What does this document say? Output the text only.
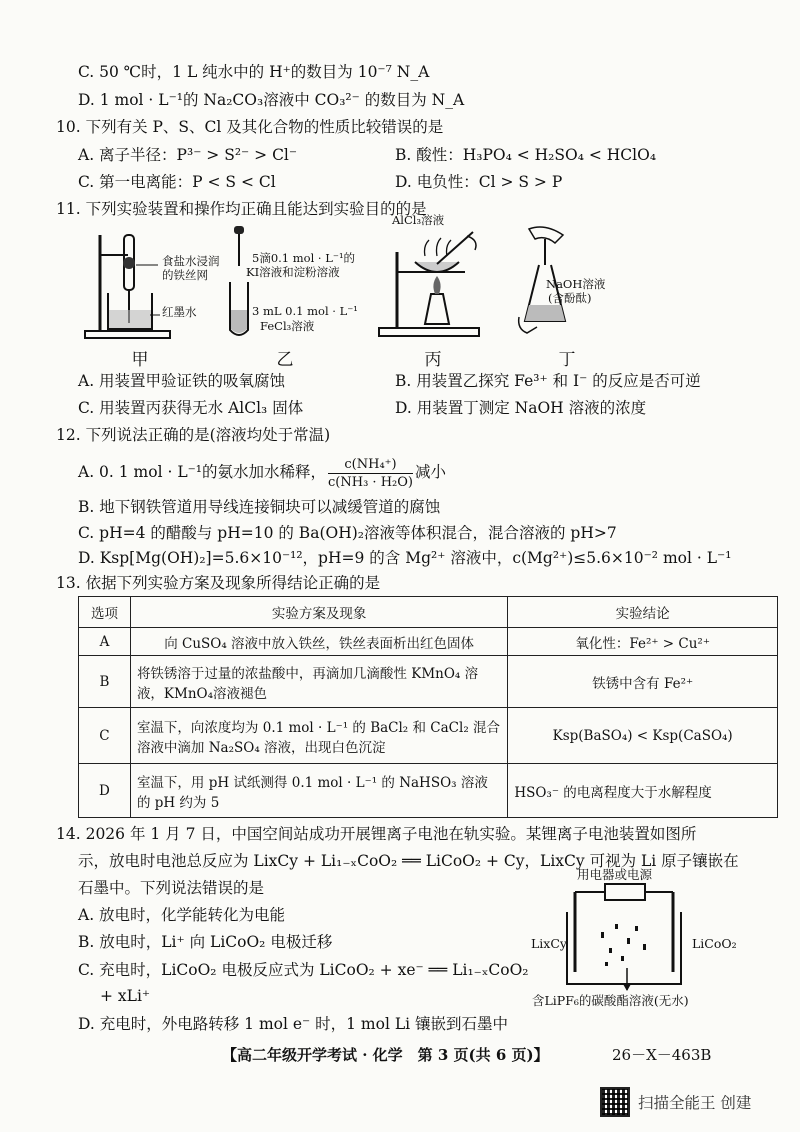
C. 50 ℃时，1 L 纯水中的 H⁺的数目为 10⁻⁷ N_A
D. 1 mol · L⁻¹的 Na₂CO₃溶液中 CO₃²⁻ 的数目为 N_A
10. 下列有关 P、S、Cl 及其化合物的性质比较错误的是
A. 离子半径：P³⁻ > S²⁻ > Cl⁻	B. 酸性：H₃PO₄ < H₂SO₄ < HClO₄
C. 第一电离能：P < S < Cl	D. 电负性：Cl > S > P
11. 下列实验装置和操作均正确且能达到实验目的的是
食盐水浸润
的铁丝网
红墨水
甲
5滴0.1 mol · L⁻¹的
KI溶液和淀粉溶液
3 mL 0.1 mol · L⁻¹
FeCl₃溶液
乙
AlCl₃溶液
丙
NaOH溶液
(含酚酞)
丁
A. 用装置甲验证铁的吸氧腐蚀	B. 用装置乙探究 Fe³⁺ 和 I⁻ 的反应是否可逆
C. 用装置丙获得无水 AlCl₃ 固体	D. 用装置丁测定 NaOH 溶液的浓度
12. 下列说法正确的是(溶液均处于常温)
A. 0. 1 mol · L⁻¹的氨水加水稀释， $\frac{\text{c(NH₄⁺)}}{\text{c(NH₃ · H₂O)}}$ 减小
B. 地下钢铁管道用导线连接铜块可以减缓管道的腐蚀
C. pH=4 的醋酸与 pH=10 的 Ba(OH)₂溶液等体积混合，混合溶液的 pH>7
D. Ksp[Mg(OH)₂]=5.6×10⁻¹²，pH=9 的含 Mg²⁺ 溶液中，c(Mg²⁺)≤5.6×10⁻² mol · L⁻¹
13. 依据下列实验方案及现象所得结论正确的是
选项	实验方案及现象	实验结论
A	向 CuSO₄ 溶液中放入铁丝，铁丝表面析出红色固体	氧化性：Fe²⁺ > Cu²⁺
B	将铁锈溶于过量的浓盐酸中，再滴加几滴酸性 KMnO₄ 溶液，KMnO₄溶液褪色	铁锈中含有 Fe²⁺
C	室温下，向浓度均为 0.1 mol · L⁻¹ 的 BaCl₂ 和 CaCl₂ 混合溶液中滴加 Na₂SO₄ 溶液，出现白色沉淀	Ksp(BaSO₄) < Ksp(CaSO₄)
D	室温下，用 pH 试纸测得 0.1 mol · L⁻¹ 的 NaHSO₃ 溶液的 pH 约为 5	HSO₃⁻ 的电离程度大于水解程度
14. 2026 年 1 月 7 日，中国空间站成功开展锂离子电池在轨实验。某锂离子电池装置如图所
示，放电时电池总反应为 LixCy + Li₁₋ₓCoO₂ ══ LiCoO₂ + Cy，LixCy 可视为 Li 原子镶嵌在
石墨中。下列说法错误的是
A. 放电时，化学能转化为电能
B. 放电时，Li⁺ 向 LiCoO₂ 电极迁移
C. 充电时，LiCoO₂ 电极反应式为 LiCoO₂ + xe⁻ ══ Li₁₋ₓCoO₂
+ xLi⁺
D. 充电时，外电路转移 1 mol e⁻ 时，1 mol Li 镶嵌到石墨中
用电器或电源
LixCy	LiCoO₂
含LiPF₆的碳酸酯溶液(无水)
【高二年级开学考试 · 化学　第 3 页(共 6 页)】	26－X－463B
扫描全能王 创建
